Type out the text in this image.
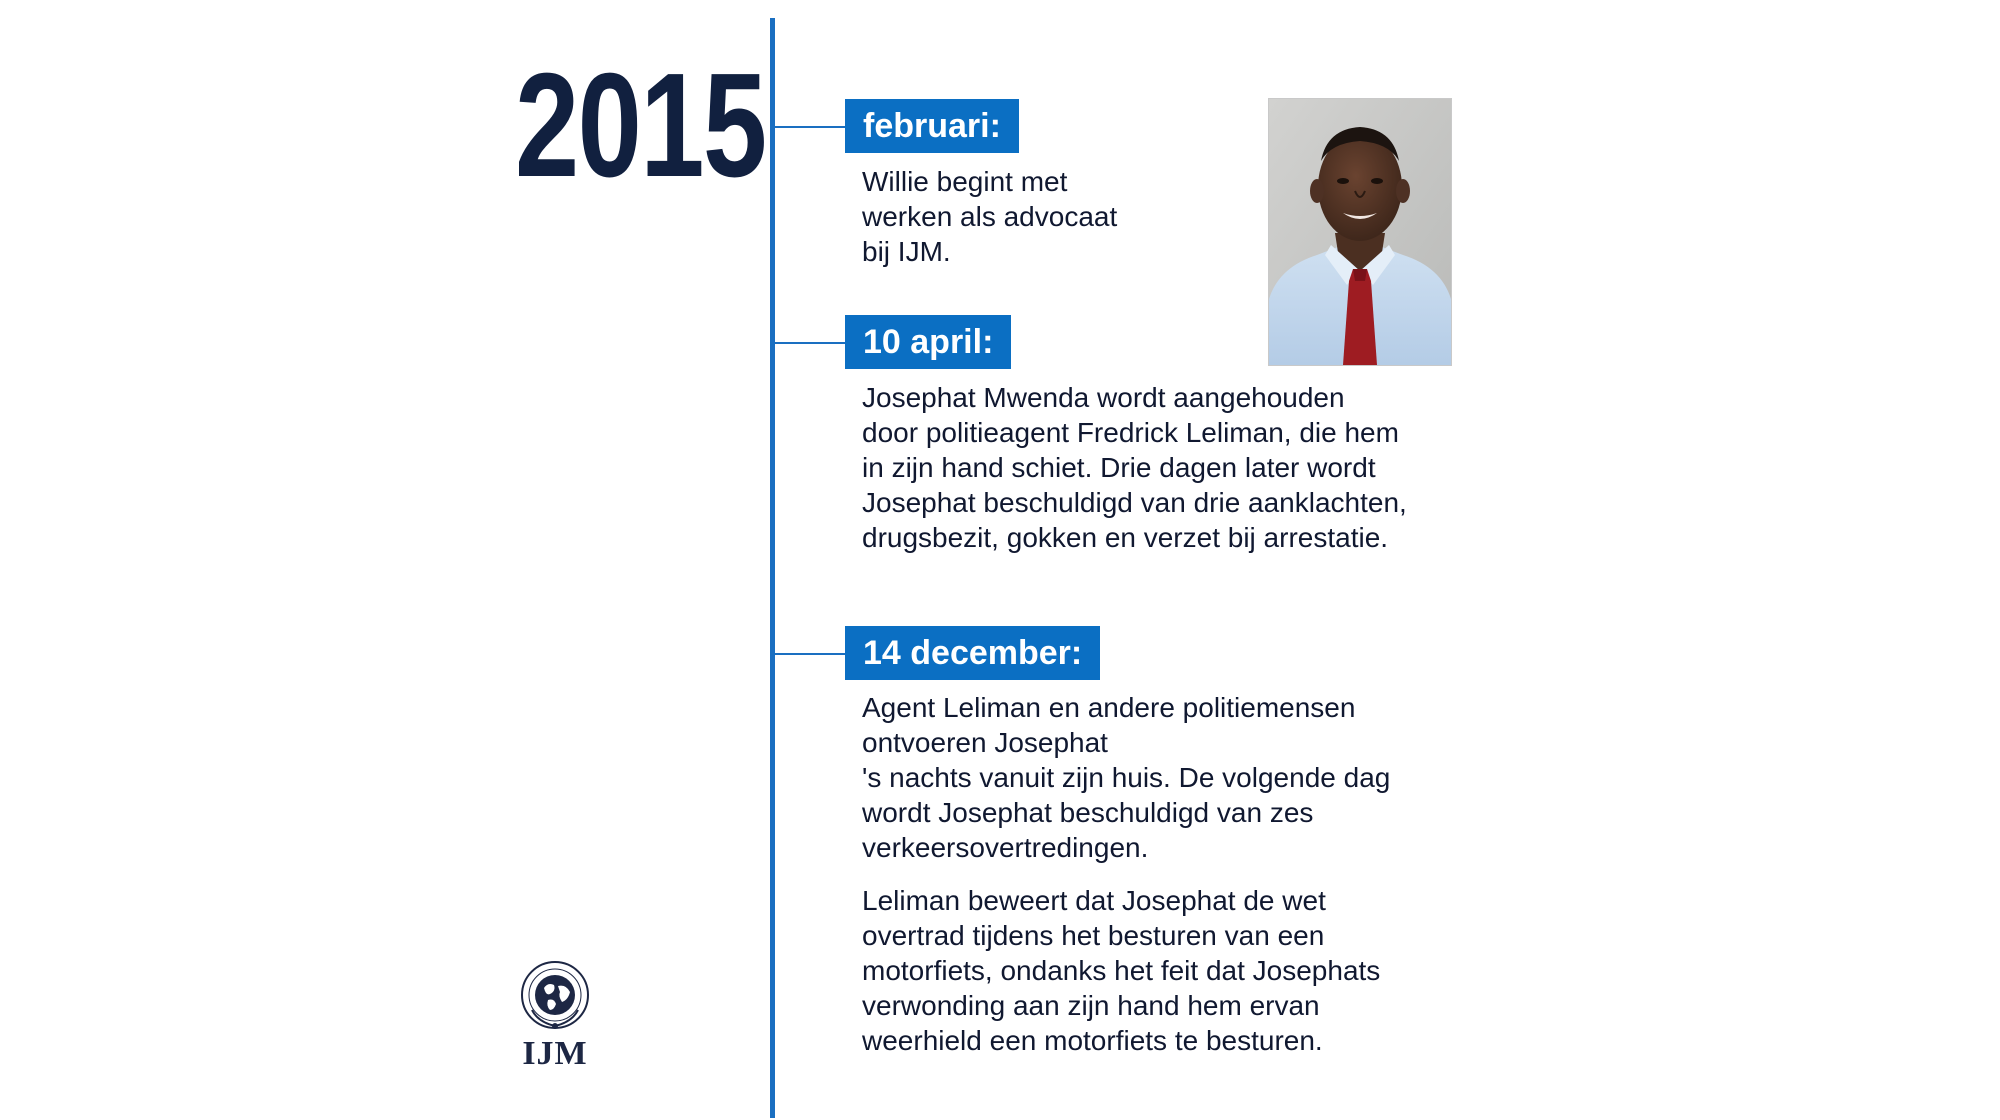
2015	februari:

Willie begint met
werken als advocaat
bij IJM.

10 april:

Josephat Mwenda wordt aangehouden
door politieagent Fredrick Leliman, die hem
in zijn hand schiet. Drie dagen later wordt
Josephat beschuldigd van drie aanklachten,
drugsbezit, gokken en verzet bij arrestatie.

14 december:

Agent Leliman en andere politiemensen
ontvoeren Josephat
's nachts vanuit zijn huis. De volgende dag
wordt Josephat beschuldigd van zes
verkeersovertredingen.

Leliman beweert dat Josephat de wet
overtrad tijdens het besturen van een
motorfiets, ondanks het feit dat Josephats
verwonding aan zijn hand hem ervan
weerhield een motorfiets te besturen.

IJM
